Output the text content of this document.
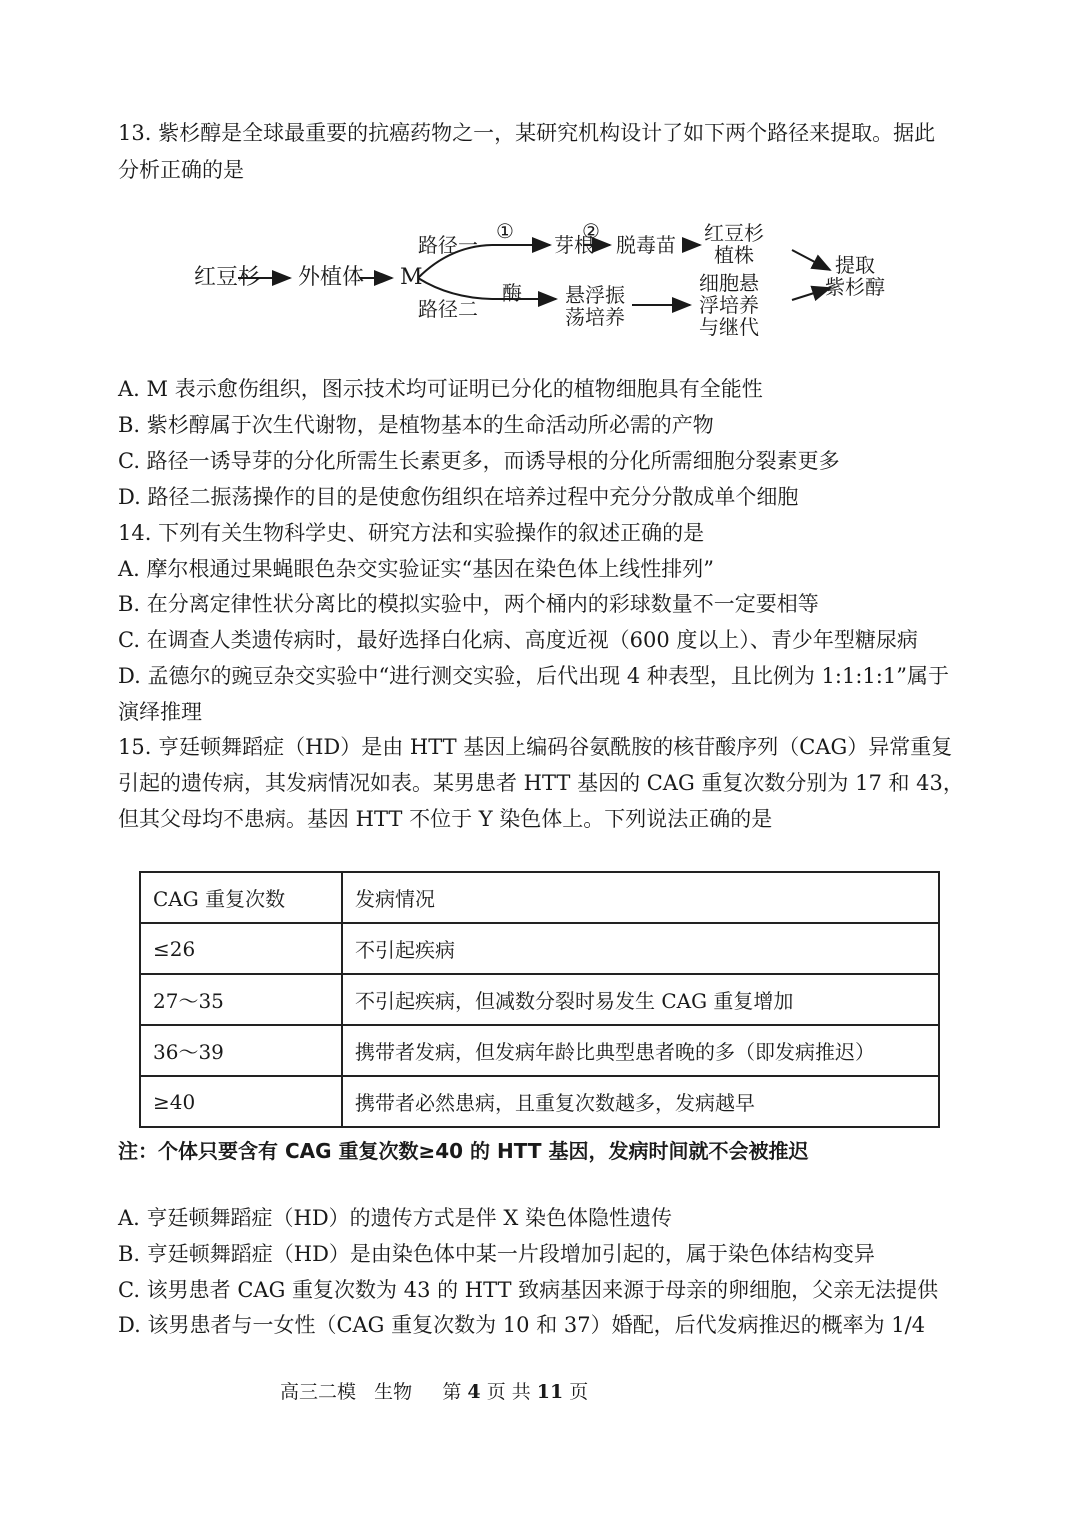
13. 紫杉醇是全球最重要的抗癌药物之一，某研究机构设计了如下两个路径来提取。据此
分析正确的是
红豆杉 外植体 M
路径一
路径二
①
芽根
②
脱毒苗 红豆杉
植株
酶 悬浮振
荡培养
细胞悬
浮培养
与继代
提取
紫杉醇
A. M 表示愈伤组织，图示技术均可证明已分化的植物细胞具有全能性
B. 紫杉醇属于次生代谢物，是植物基本的生命活动所必需的产物
C. 路径一诱导芽的分化所需生长素更多，而诱导根的分化所需细胞分裂素更多
D. 路径二振荡操作的目的是使愈伤组织在培养过程中充分分散成单个细胞
14. 下列有关生物科学史、研究方法和实验操作的叙述正确的是
A. 摩尔根通过果蝇眼色杂交实验证实“基因在染色体上线性排列”
B. 在分离定律性状分离比的模拟实验中，两个桶内的彩球数量不一定要相等
C. 在调查人类遗传病时，最好选择白化病、高度近视（600 度以上）、青少年型糖尿病
D. 孟德尔的豌豆杂交实验中“进行测交实验，后代出现 4 种表型，且比例为 1:1:1:1”属于
演绎推理
15. 亨廷顿舞蹈症（HD）是由 HTT 基因上编码谷氨酰胺的核苷酸序列（CAG）异常重复
引起的遗传病，其发病情况如表。某男患者 HTT 基因的 CAG 重复次数分别为 17 和 43，
但其父母均不患病。基因 HTT 不位于 Y 染色体上。下列说法正确的是
CAG 重复次数	发病情况
≤26	不引起疾病
27～35	不引起疾病，但减数分裂时易发生 CAG 重复增加
36～39	携带者发病，但发病年龄比典型患者晚的多（即发病推迟）
≥40	携带者必然患病，且重复次数越多，发病越早
注：个体只要含有 CAG 重复次数≥40 的 HTT 基因，发病时间就不会被推迟
A. 亨廷顿舞蹈症（HD）的遗传方式是伴 X 染色体隐性遗传
B. 亨廷顿舞蹈症（HD）是由染色体中某一片段增加引起的，属于染色体结构变异
C. 该男患者 CAG 重复次数为 43 的 HTT 致病基因来源于母亲的卵细胞，父亲无法提供
D. 该男患者与一女性（CAG 重复次数为 10 和 37）婚配，后代发病推迟的概率为 1/4
高三二模 生物 第 4 页 共 11 页
